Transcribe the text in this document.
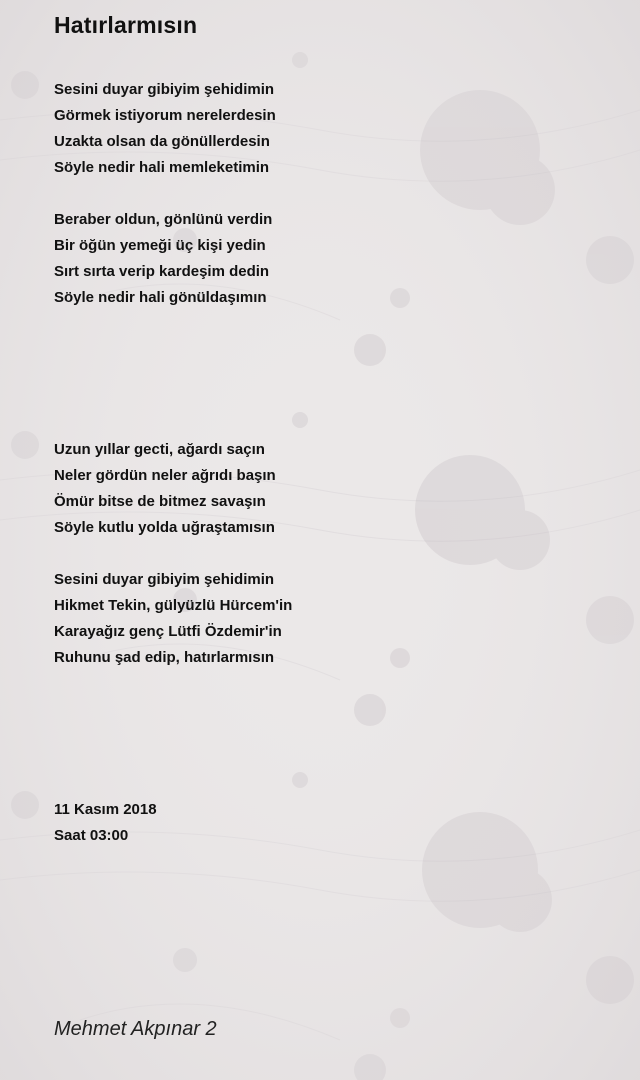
Hatırlarmısın
Sesini duyar gibiyim şehidimin
Görmek istiyorum nerelerdesin
Uzakta olsan da gönüllerdesin
Söyle nedir hali memleketimin
Beraber oldun, gönlünü verdin
Bir öğün yemeği üç kişi yedin
Sırt sırta verip kardeşim dedin
Söyle nedir hali gönüldaşımın
Uzun yıllar gecti, ağardı saçın
Neler gördün neler ağrıdı başın
Ömür bitse de bitmez savaşın
Söyle kutlu yolda uğraştamısın
Sesini duyar gibiyim şehidimin
Hikmet Tekin, gülyüzlü Hürcem'in
Karayağız genç Lütfi Özdemir'in
Ruhunu şad edip, hatırlarmısın
11 Kasım 2018
Saat 03:00

Mehmet Akpınar 2
